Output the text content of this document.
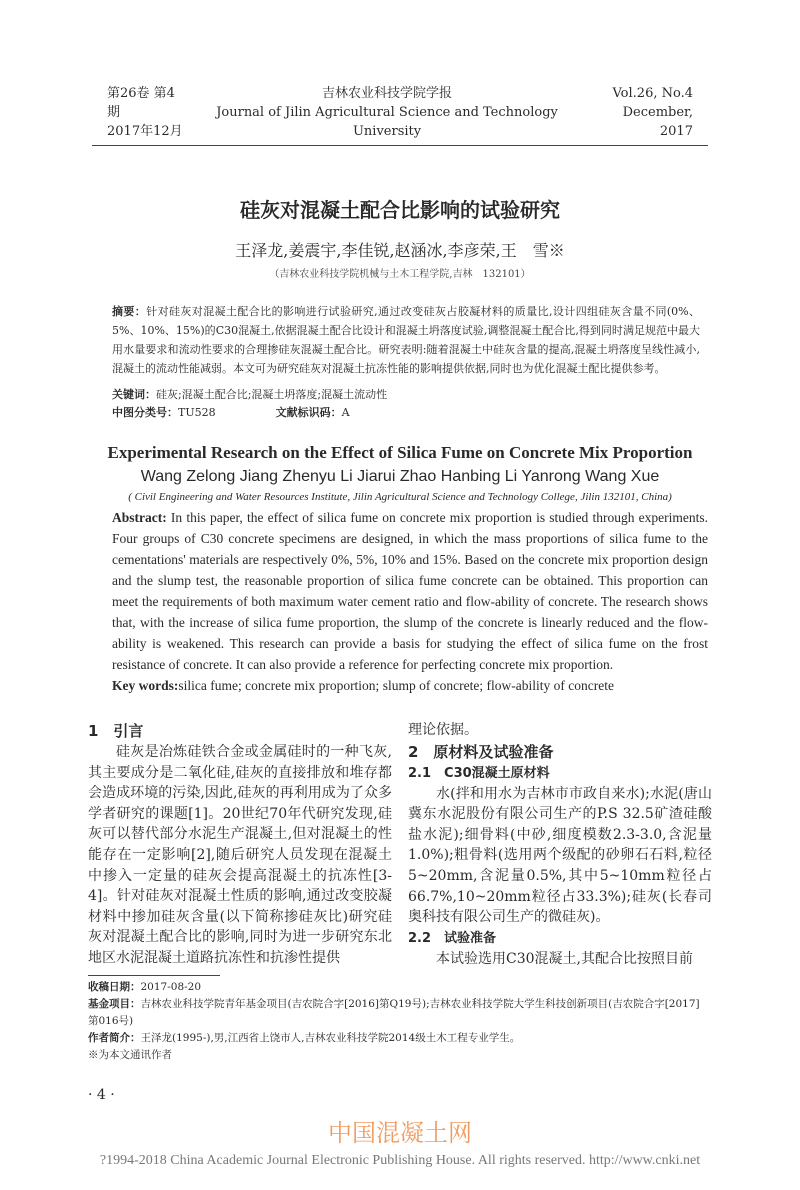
第26卷 第4期
2017年12月
吉林农业科技学院学报
Journal of Jilin Agricultural Science and Technology University
Vol.26, No.4
December, 2017
硅灰对混凝土配合比影响的试验研究
王泽龙,姜震宇,李佳锐,赵涵冰,李彦荣,王　雪※
（吉林农业科技学院机械与土木工程学院,吉林　132101）
摘要：针对硅灰对混凝土配合比的影响进行试验研究,通过改变硅灰占胶凝材料的质量比,设计四组硅灰含量不同(0%、5%、10%、15%)的C30混凝土,依据混凝土配合比设计和混凝土坍落度试验,调整混凝土配合比,得到同时满足规范中最大用水量要求和流动性要求的合理掺硅灰混凝土配合比。研究表明:随着混凝土中硅灰含量的提高,混凝土坍落度呈线性减小,混凝土的流动性能减弱。本文可为研究硅灰对混凝土抗冻性能的影响提供依据,同时也为优化混凝土配比提供参考。
关键词：硅灰;混凝土配合比;混凝土坍落度;混凝土流动性
中图分类号：TU528	文献标识码：A
Experimental Research on the Effect of Silica Fume on Concrete Mix Proportion
Wang Zelong Jiang Zhenyu Li Jiarui Zhao Hanbing Li Yanrong Wang Xue
( Civil Engineering and Water Resources Institute, Jilin Agricultural Science and Technology College, Jilin 132101, China)
Abstract: In this paper, the effect of silica fume on concrete mix proportion is studied through experiments. Four groups of C30 concrete specimens are designed, in which the mass proportions of silica fume to the cementations' materials are respectively 0%, 5%, 10% and 15%. Based on the concrete mix proportion design and the slump test, the reasonable proportion of silica fume concrete can be obtained. This proportion can meet the requirements of both maximum water cement ratio and flow-ability of concrete. The research shows that, with the increase of silica fume proportion, the slump of the concrete is linearly reduced and the flow-ability is weakened. This research can provide a basis for studying the effect of silica fume on the frost resistance of concrete. It can also provide a reference for perfecting concrete mix proportion.
Key words:silica fume; concrete mix proportion; slump of concrete; flow-ability of concrete
1　引言
硅灰是冶炼硅铁合金或金属硅时的一种飞灰,其主要成分是二氧化硅,硅灰的直接排放和堆存都会造成环境的污染,因此,硅灰的再利用成为了众多学者研究的课题[1]。20世纪70年代研究发现,硅灰可以替代部分水泥生产混凝土,但对混凝土的性能存在一定影响[2],随后研究人员发现在混凝土中掺入一定量的硅灰会提高混凝土的抗冻性[3-4]。针对硅灰对混凝土性质的影响,通过改变胶凝材料中掺加硅灰含量(以下简称掺硅灰比)研究硅灰对混凝土配合比的影响,同时为进一步研究东北地区水泥混凝土道路抗冻性和抗渗性提供
理论依据。
2　原材料及试验准备
2.1　C30混凝土原材料
水(拌和用水为吉林市市政自来水);水泥(唐山冀东水泥股份有限公司生产的P.S 32.5矿渣硅酸盐水泥);细骨料(中砂,细度模数2.3-3.0,含泥量1.0%);粗骨料(选用两个级配的砂卵石石料,粒径5~20mm,含泥量0.5%,其中5~10mm粒径占66.7%,10~20mm粒径占33.3%);硅灰(长春司奥科技有限公司生产的微硅灰)。
2.2　试验准备
本试验选用C30混凝土,其配合比按照目前
收稿日期：2017-08-20
基金项目：吉林农业科技学院青年基金项目(吉农院合字[2016]第Q19号);吉林农业科技学院大学生科技创新项目(吉农院合字[2017]第016号)
作者简介：王泽龙(1995-),男,江西省上饶市人,吉林农业科技学院2014级土木工程专业学生。
※为本文通讯作者
· 4 ·
中国混凝土网
?1994-2018 China Academic Journal Electronic Publishing House. All rights reserved. http://www.cnki.net
